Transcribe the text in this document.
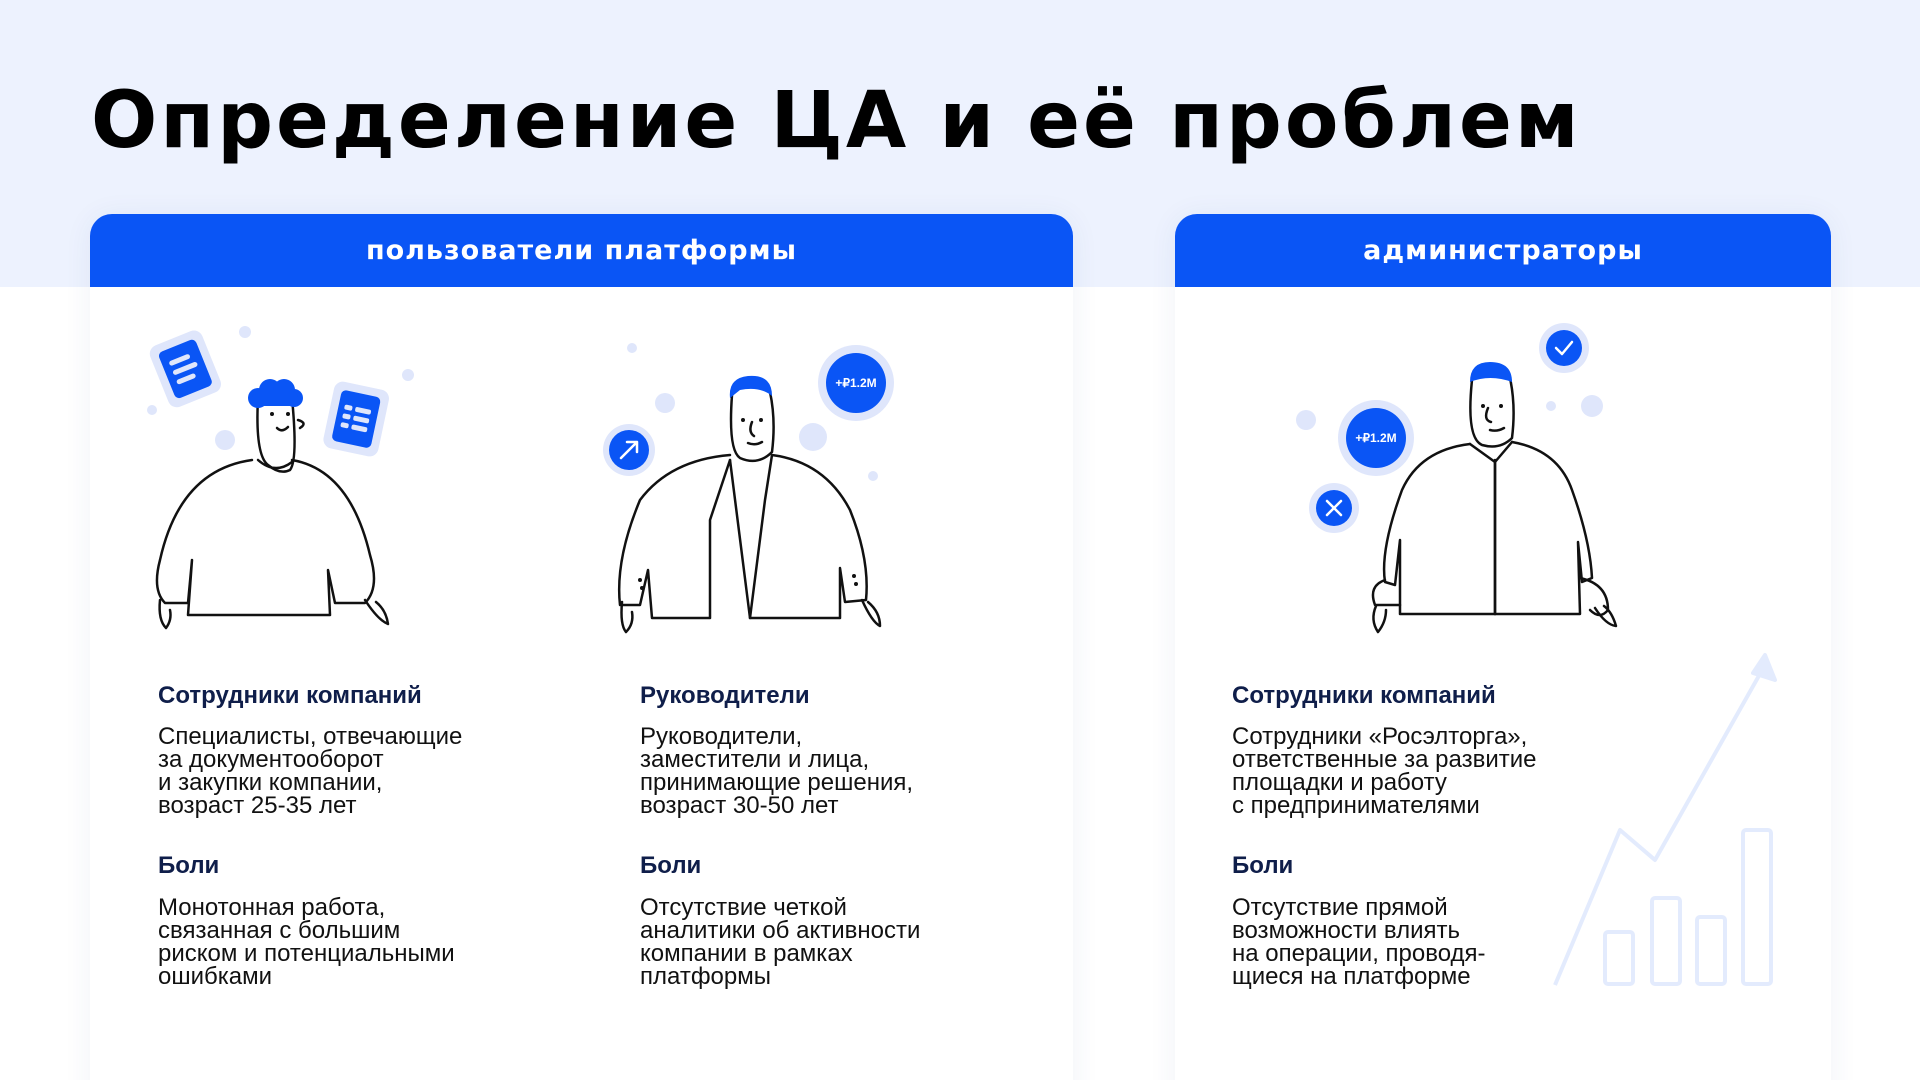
Определение ЦА и её проблем
пользователи платформы	администраторы
Сотрудники компаний
Специалисты, отвечающие
за документооборот
и закупки компании,
возраст 25-35 лет
Боли
Монотонная работа,
связанная с большим
риском и потенциальными
ошибками
+₽1.2M
Руководители
Руководители,
заместители и лица,
принимающие решения,
возраст 30-50 лет
Боли
Отсутствие четкой
аналитики об активности
компании в рамках
платформы
+₽1.2M
Сотрудники компаний
Сотрудники «Росэлторга»,
ответственные за развитие
площадки и работу
с предпринимателями
Боли
Отсутствие прямой
возможности влиять
на операции, проводя-
щиеся на платформе
